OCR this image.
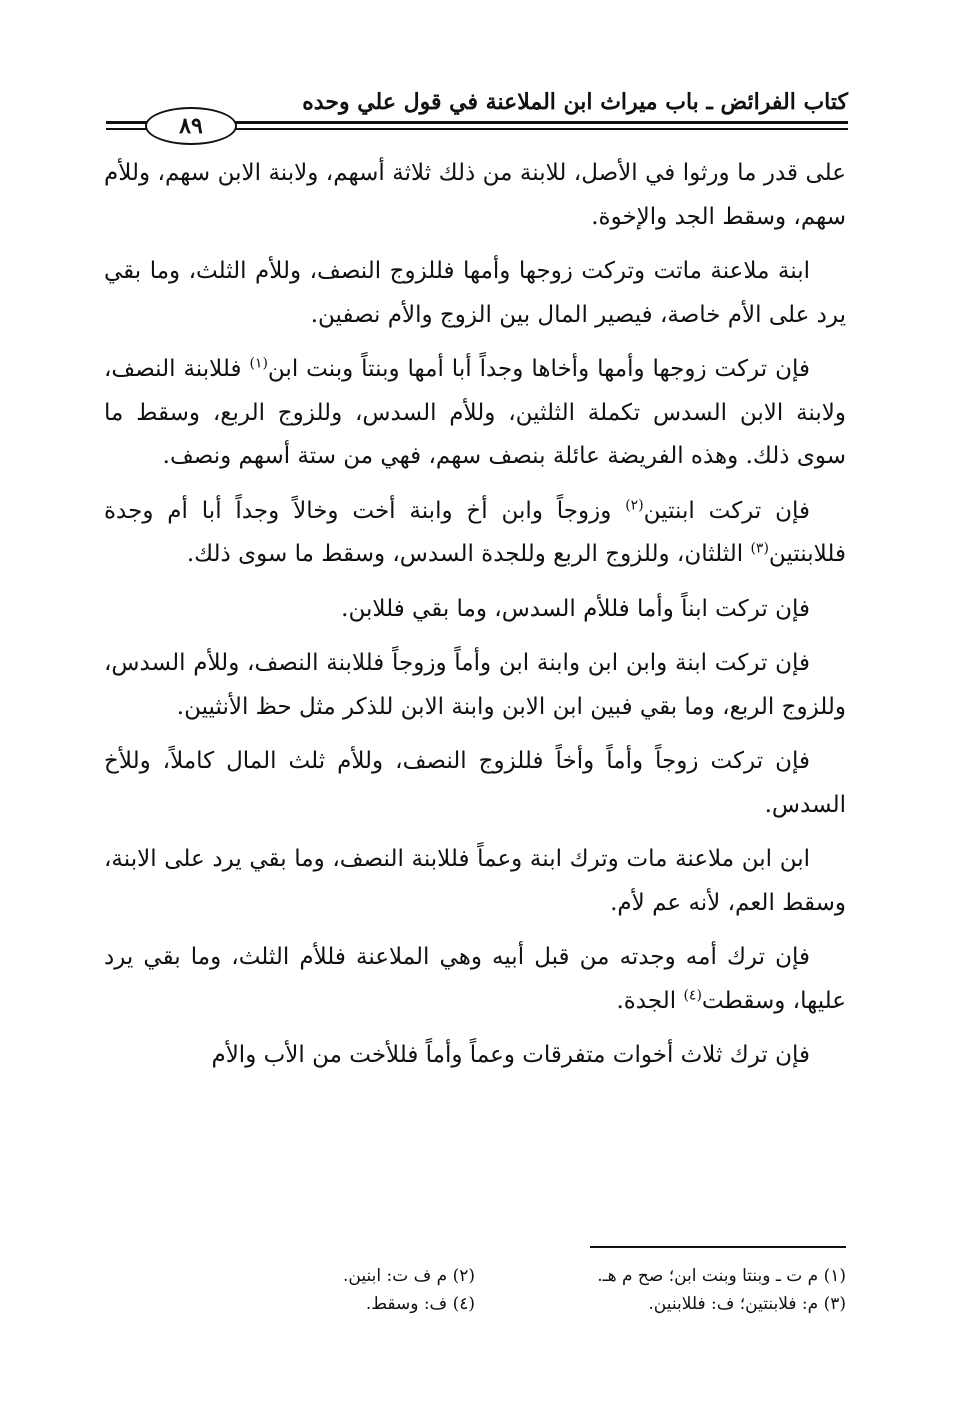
كتاب الفرائض ـ باب ميراث ابن الملاعنة في قول علي وحده
٨٩

على قدر ما ورثوا في الأصل، للابنة من ذلك ثلاثة أسهم، ولابنة الابن سهم، وللأم سهم، وسقط الجد والإخوة.

ابنة ملاعنة ماتت وتركت زوجها وأمها فللزوج النصف، وللأم الثلث، وما بقي يرد على الأم خاصة، فيصير المال بين الزوج والأم نصفين.

فإن تركت زوجها وأمها وأخاها وجداً أبا أمها وبنتاً وبنت ابن$^{(١)}$ فللابنة النصف، ولابنة الابن السدس تكملة الثلثين، وللأم السدس، وللزوج الربع، وسقط ما سوى ذلك. وهذه الفريضة عائلة بنصف سهم، فهي من ستة أسهم ونصف.

فإن تركت ابنتين$^{(٢)}$ وزوجاً وابن أخ وابنة أخت وخالاً وجداً أبا أم وجدة فللابنتين$^{(٣)}$ الثلثان، وللزوج الربع وللجدة السدس، وسقط ما سوى ذلك.

فإن تركت ابناً وأما فللأم السدس، وما بقي فللابن.

فإن تركت ابنة وابن ابن وابنة ابن وأماً وزوجاً فللابنة النصف، وللأم السدس، وللزوج الربع، وما بقي فبين ابن الابن وابنة الابن للذكر مثل حظ الأنثيين.

فإن تركت زوجاً وأماً وأخاً فللزوج النصف، وللأم ثلث المال كاملاً، وللأخ السدس.

ابن ابن ملاعنة مات وترك ابنة وعماً فللابنة النصف، وما بقي يرد على الابنة، وسقط العم، لأنه عم لأم.

فإن ترك أمه وجدته من قبل أبيه وهي الملاعنة فللأم الثلث، وما بقي يرد عليها، وسقطت$^{(٤)}$ الجدة.

فإن ترك ثلاث أخوات متفرقات وعماً وأماً فللأخت من الأب والأم

(١) م ت ـ وبنتا وبنت ابن؛ صح م هـ.
(٢) م ف ت: ابنين.
(٣) م: فلابنتين؛ ف: فللابنين.
(٤) ف: وسقط.
